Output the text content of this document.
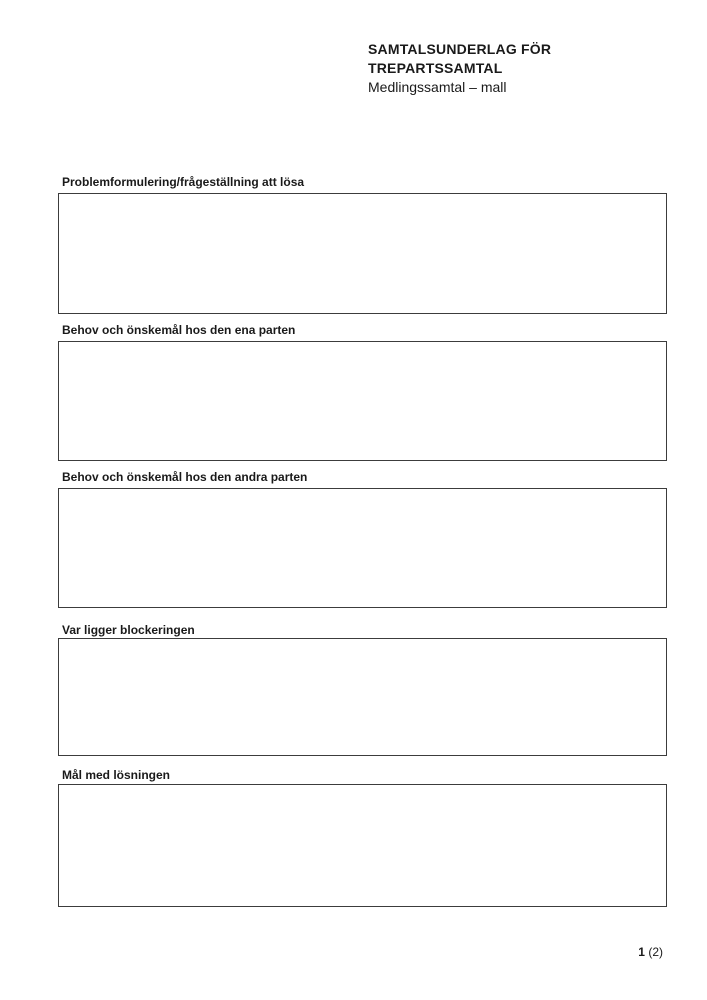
SAMTALSUNDERLAG FÖR
TREPARTSSAMTAL
Medlingssamtal – mall
Problemformulering/frågeställning att lösa
Behov och önskemål hos den ena parten
Behov och önskemål hos den andra parten
Var ligger blockeringen
Mål med lösningen
1 (2)
